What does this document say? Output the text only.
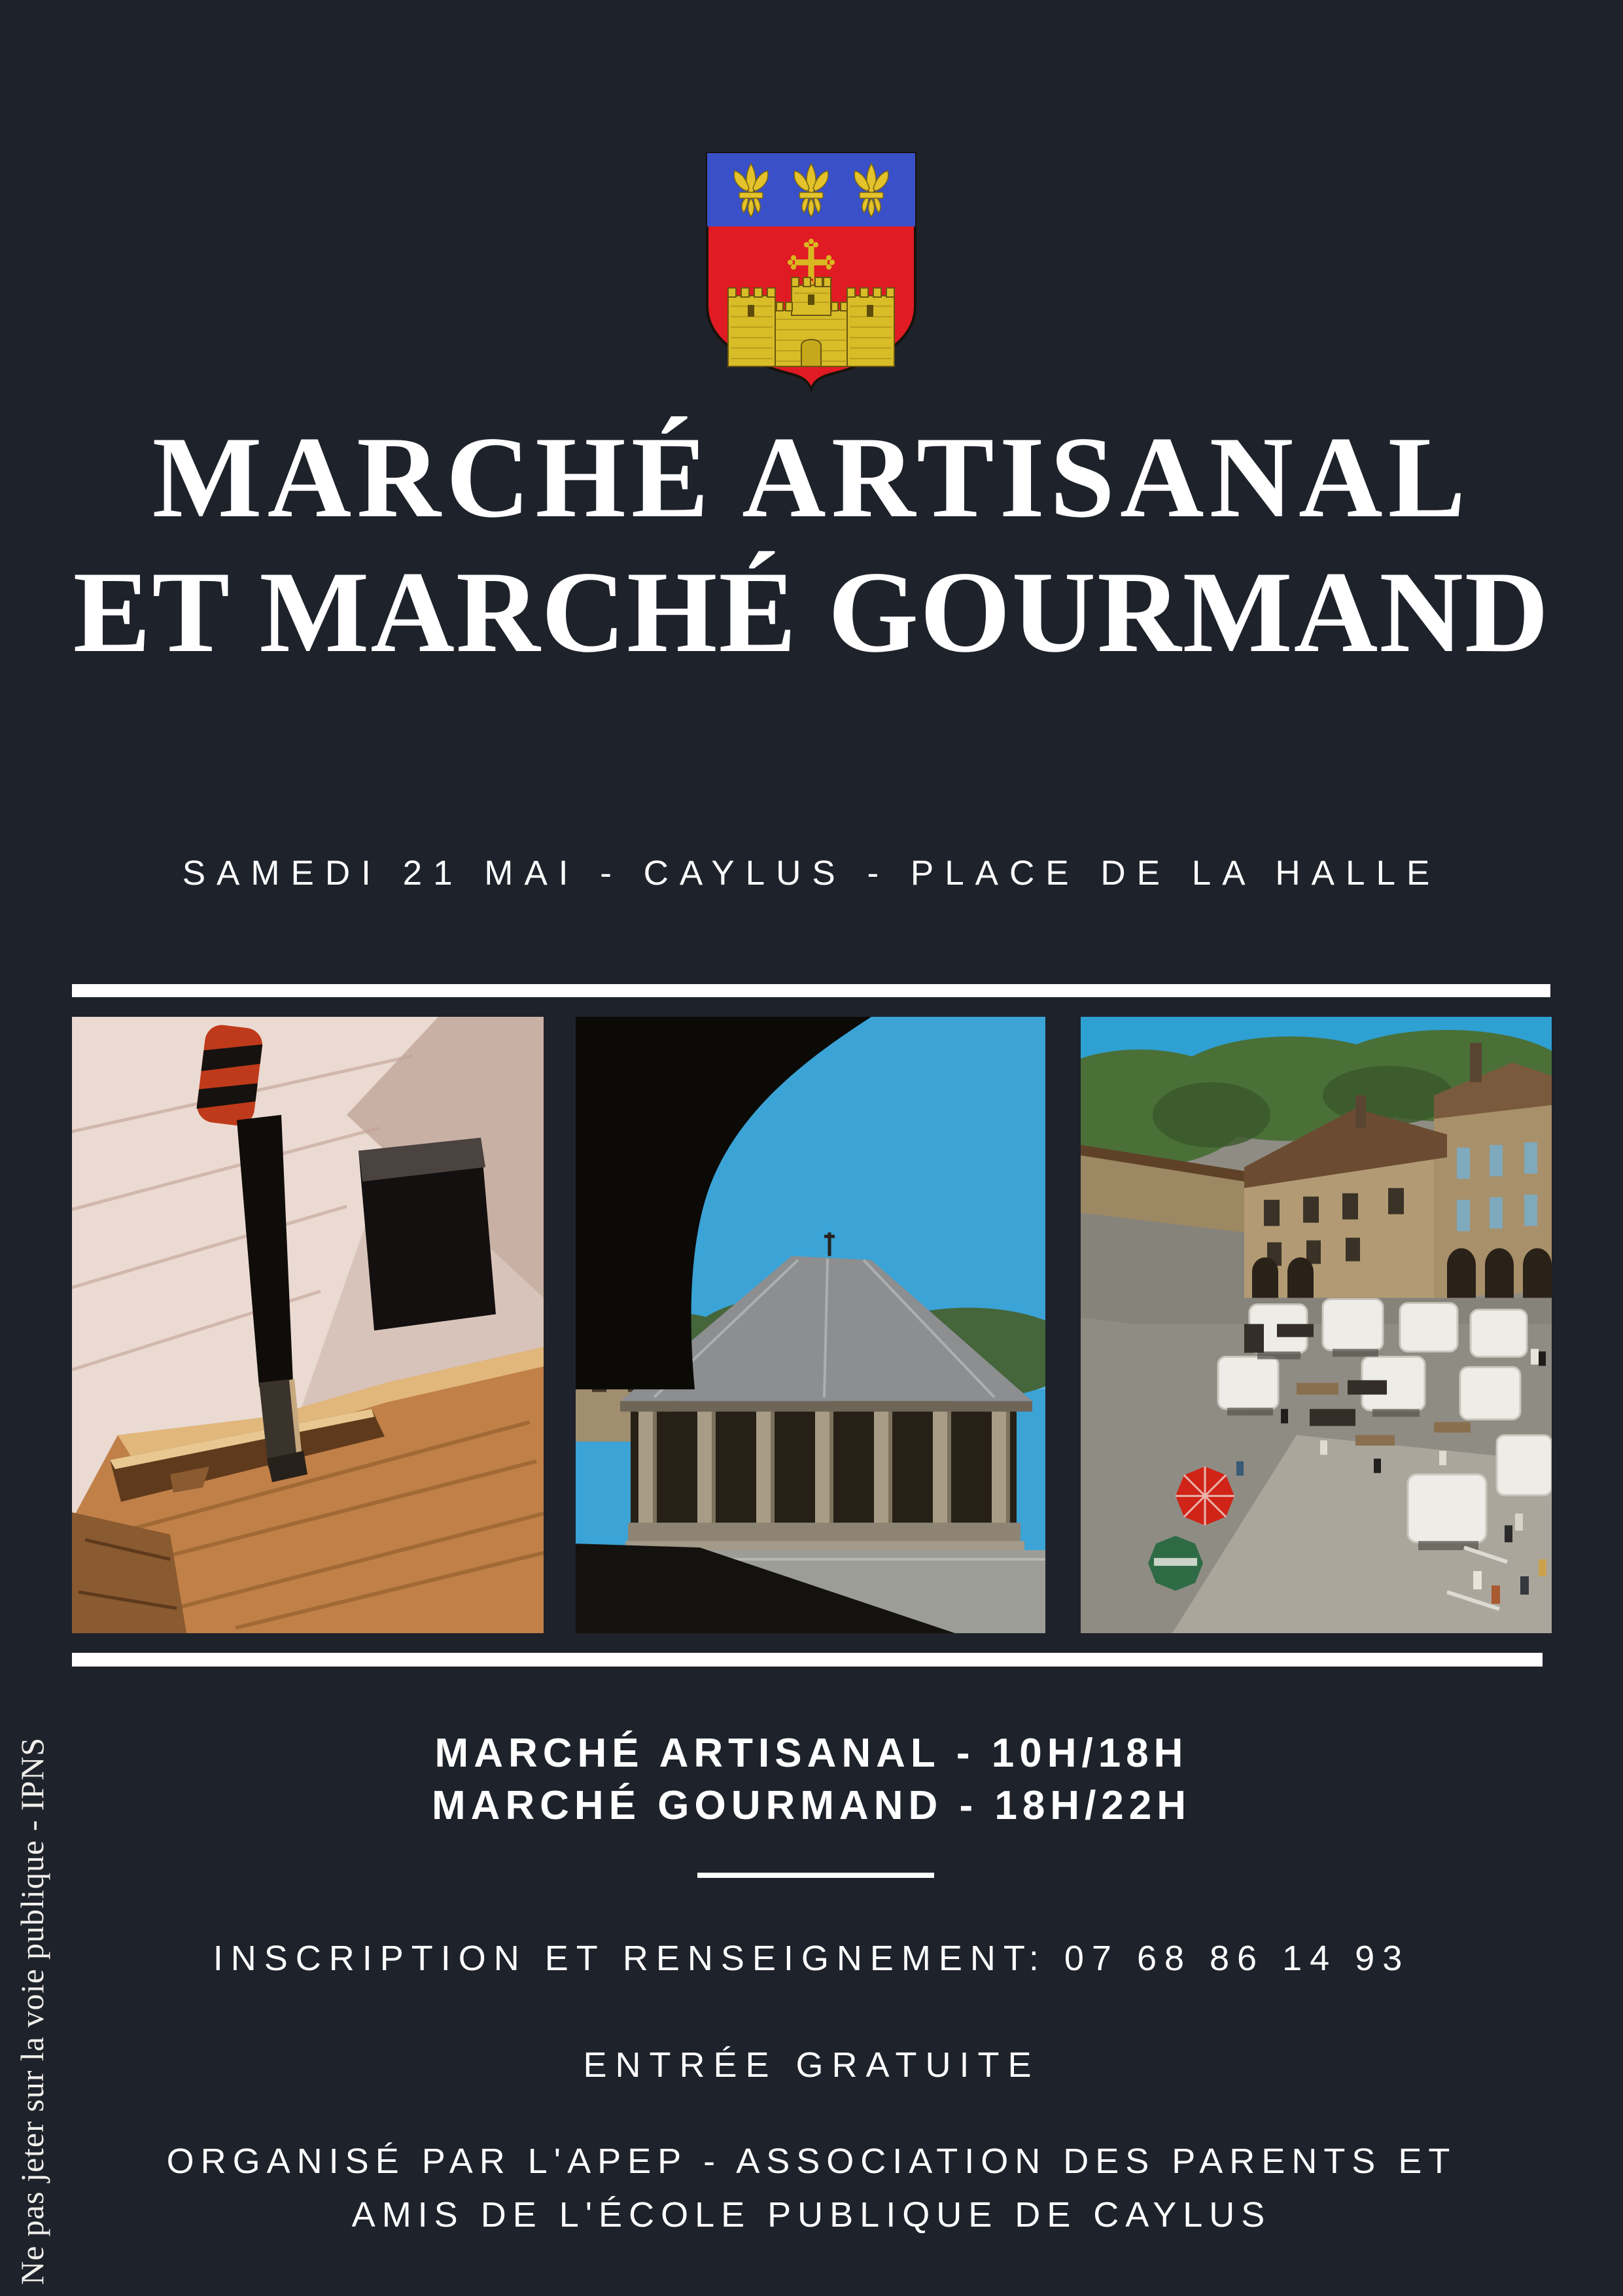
MARCHÉ ARTISANAL
ET MARCHÉ GOURMAND
SAMEDI 21 MAI - CAYLUS - PLACE DE LA HALLE
MARCHÉ ARTISANAL - 10H/18H
MARCHÉ GOURMAND - 18H/22H
INSCRIPTION ET RENSEIGNEMENT: 07 68 86 14 93
ENTRÉE GRATUITE
ORGANISÉ PAR L'APEP - ASSOCIATION DES PARENTS ET
AMIS DE L'ÉCOLE PUBLIQUE DE CAYLUS
Ne pas jeter sur la voie publique - IPNS
